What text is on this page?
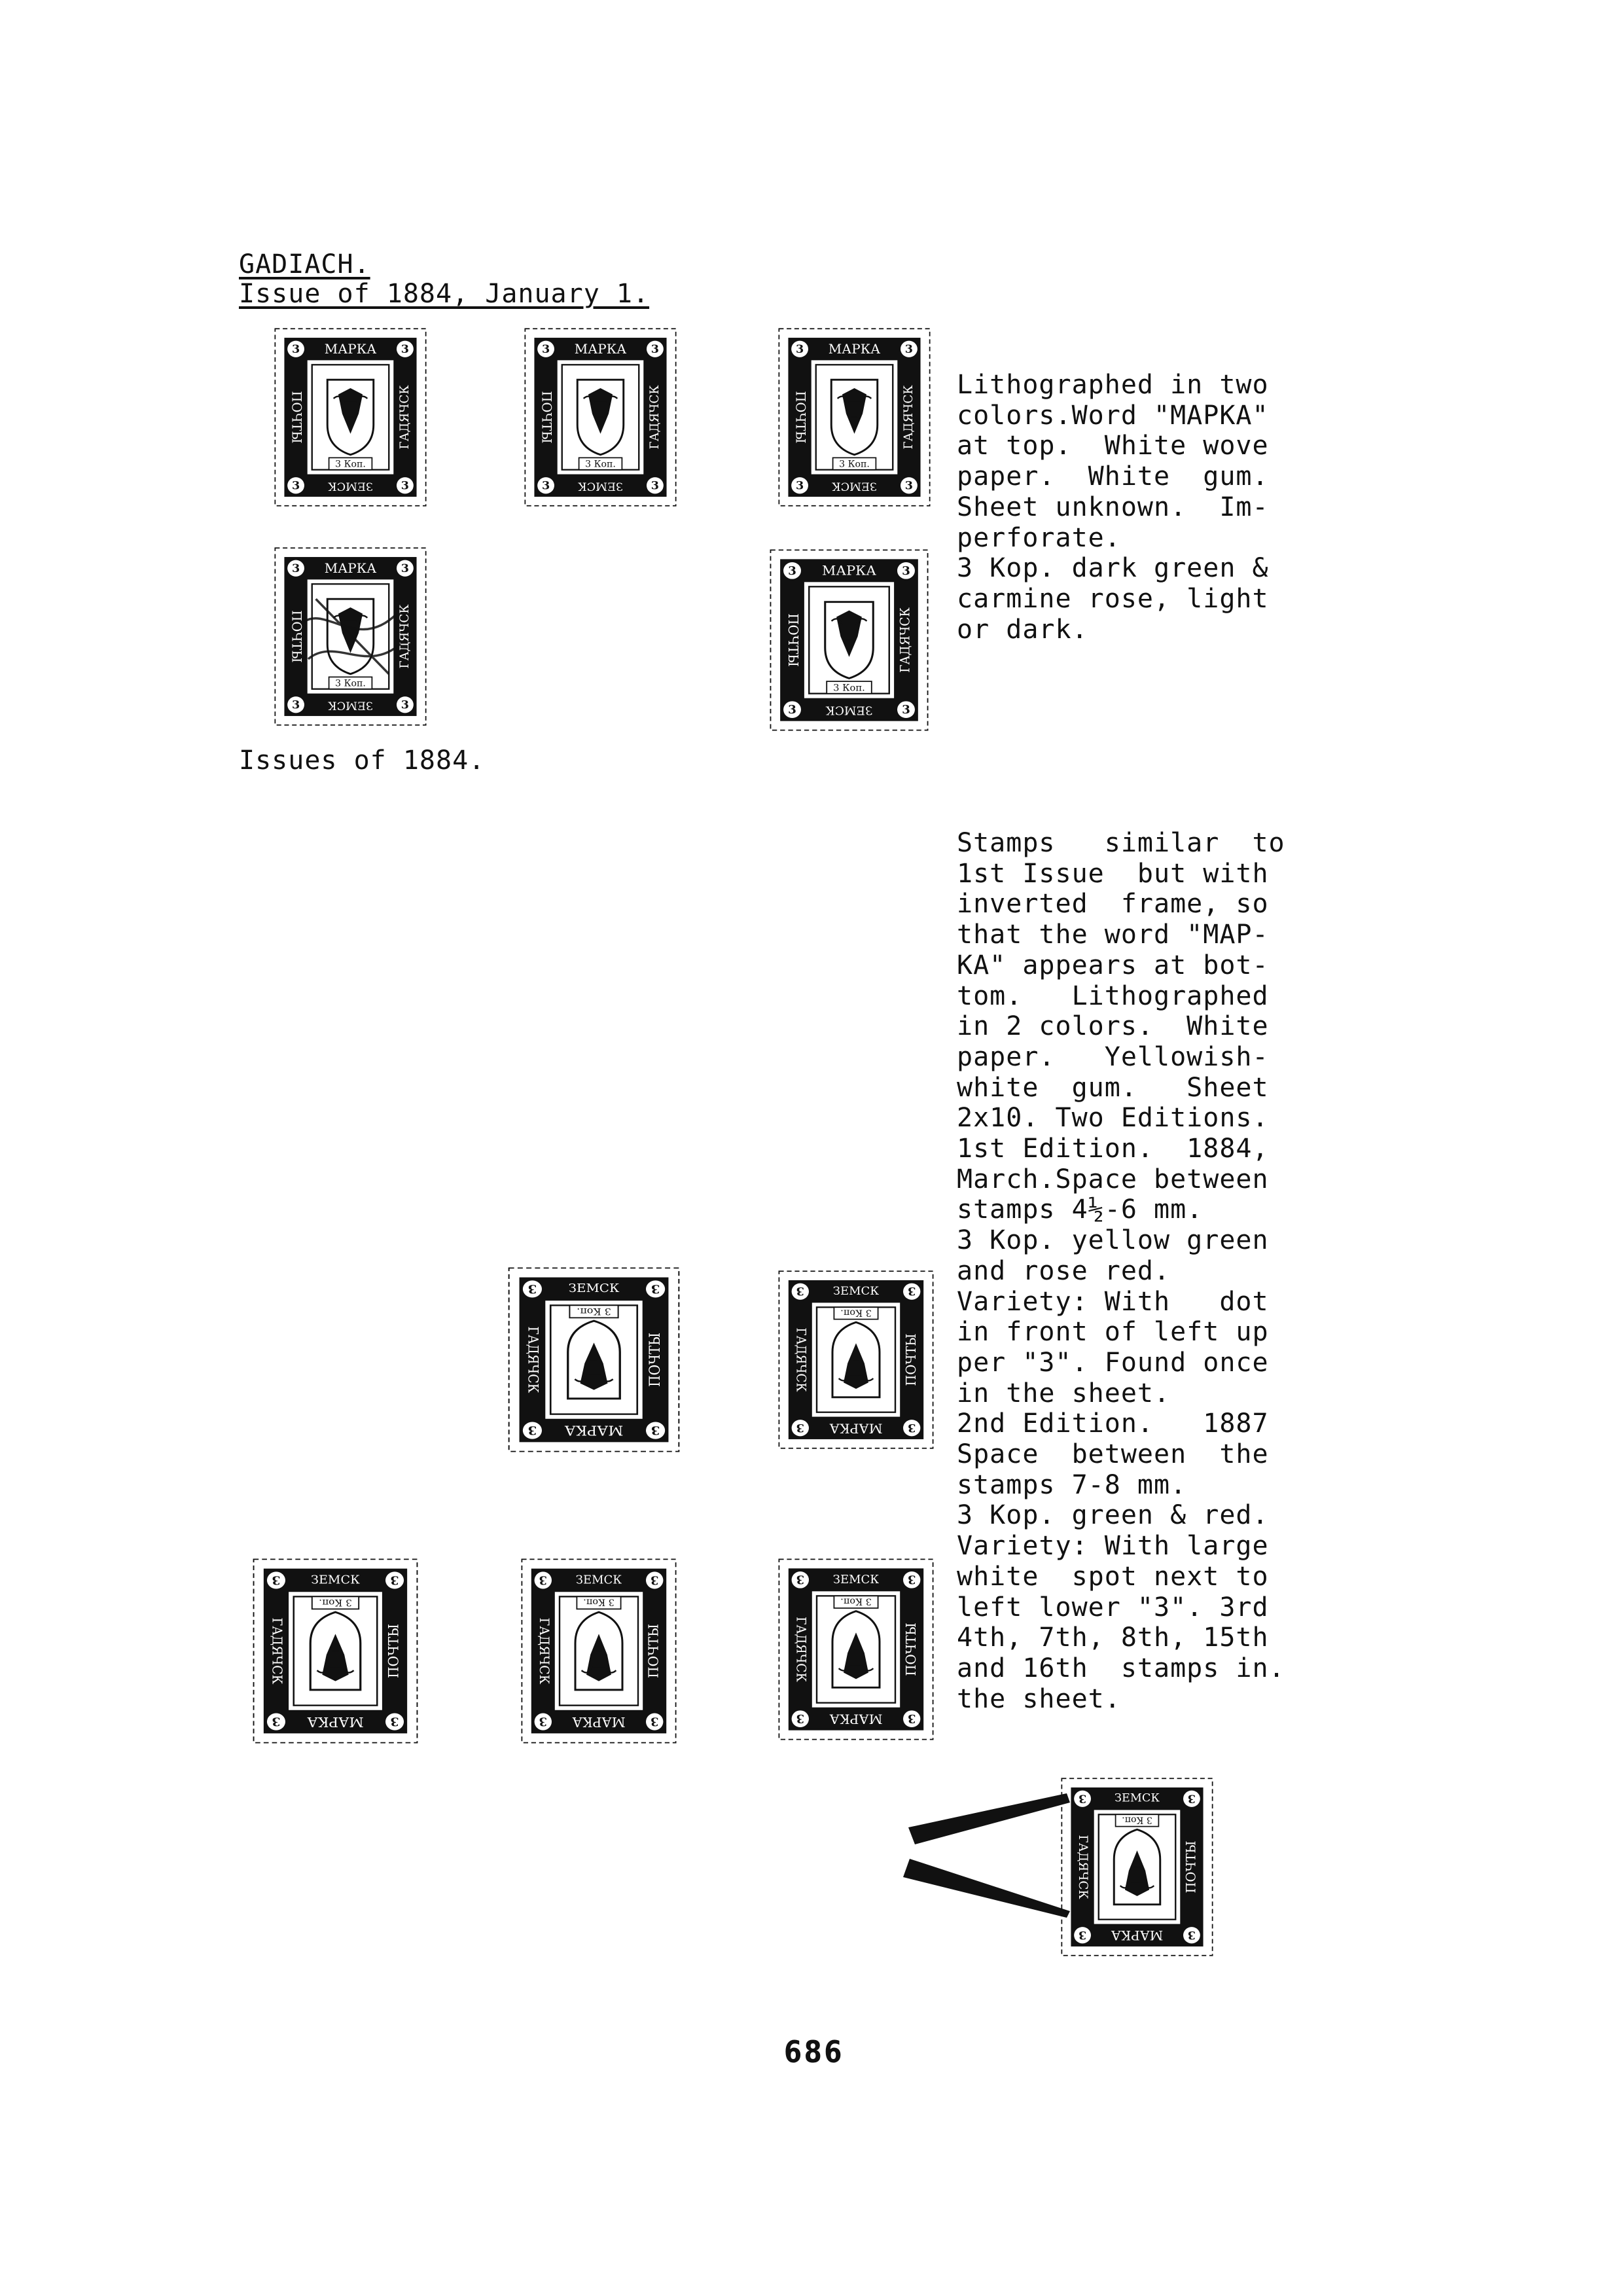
GADIACH.
Issue of 1884, January 1.
Lithographed in two
colors.Word "MAPKA"
at top.  White wove
paper.  White  gum.
Sheet unknown.  Im-
perforate.
3 Kop. dark green &
carmine rose, light
or dark.
Issues of 1884.
Stamps   similar  to
1st Issue  but with
inverted  frame, so
that the word "MAP-
KA" appears at bot-
tom.   Lithographed
in 2 colors.  White
paper.   Yellowish-
white  gum.   Sheet
2x10. Two Editions.
1st Edition.  1884,
March.Space between
stamps 4½-6 mm.
3 Kop. yellow green
and rose red.
Variety: With   dot
in front of left up
per "3". Found once
in the sheet.
2nd Edition.   1887
Space  between  the
stamps 7-8 mm.
3 Kop. green & red.
Variety: With large
white  spot next to
left lower "3". 3rd
4th, 7th, 8th, 15th
and 16th  stamps in.
the sheet.
3	3
3	3
МАРКА
ЗЕМСК
ПОЧТЫ	ГАДЯЧСК
3 Коп.
3	3
3	3
МАРКА
ЗЕМСК
ПОЧТЫ	ГАДЯЧСК
3 Коп.
3	3
3	3
МАРКА
ЗЕМСК
ПОЧТЫ	ГАДЯЧСК
3 Коп.
3	3
3	3
МАРКА
ЗЕМСК
ПОЧТЫ	ГАДЯЧСК
3 Коп.
3	3
3	3
МАРКА
ЗЕМСК
ПОЧТЫ	ГАДЯЧСК
3 Коп.
3
3
3
3
МАРКА
ЗЕМСК
ПОЧТЫ
ГАДЯЧСК
3 Коп.
3
3
3
3
МАРКА
ЗЕМСК
ПОЧТЫ
ГАДЯЧСК
3 Коп.
3
3
3
3
МАРКА
ЗЕМСК
ПОЧТЫ
ГАДЯЧСК
3 Коп.
3
3
3
3
МАРКА
ЗЕМСК
ПОЧТЫ
ГАДЯЧСК
3 Коп.
3
3
3
3
МАРКА
ЗЕМСК
ПОЧТЫ
ГАДЯЧСК
3 Коп.
3
3
3
3
МАРКА
ЗЕМСК
ПОЧТЫ
ГАДЯЧСК
3 Коп.
686
